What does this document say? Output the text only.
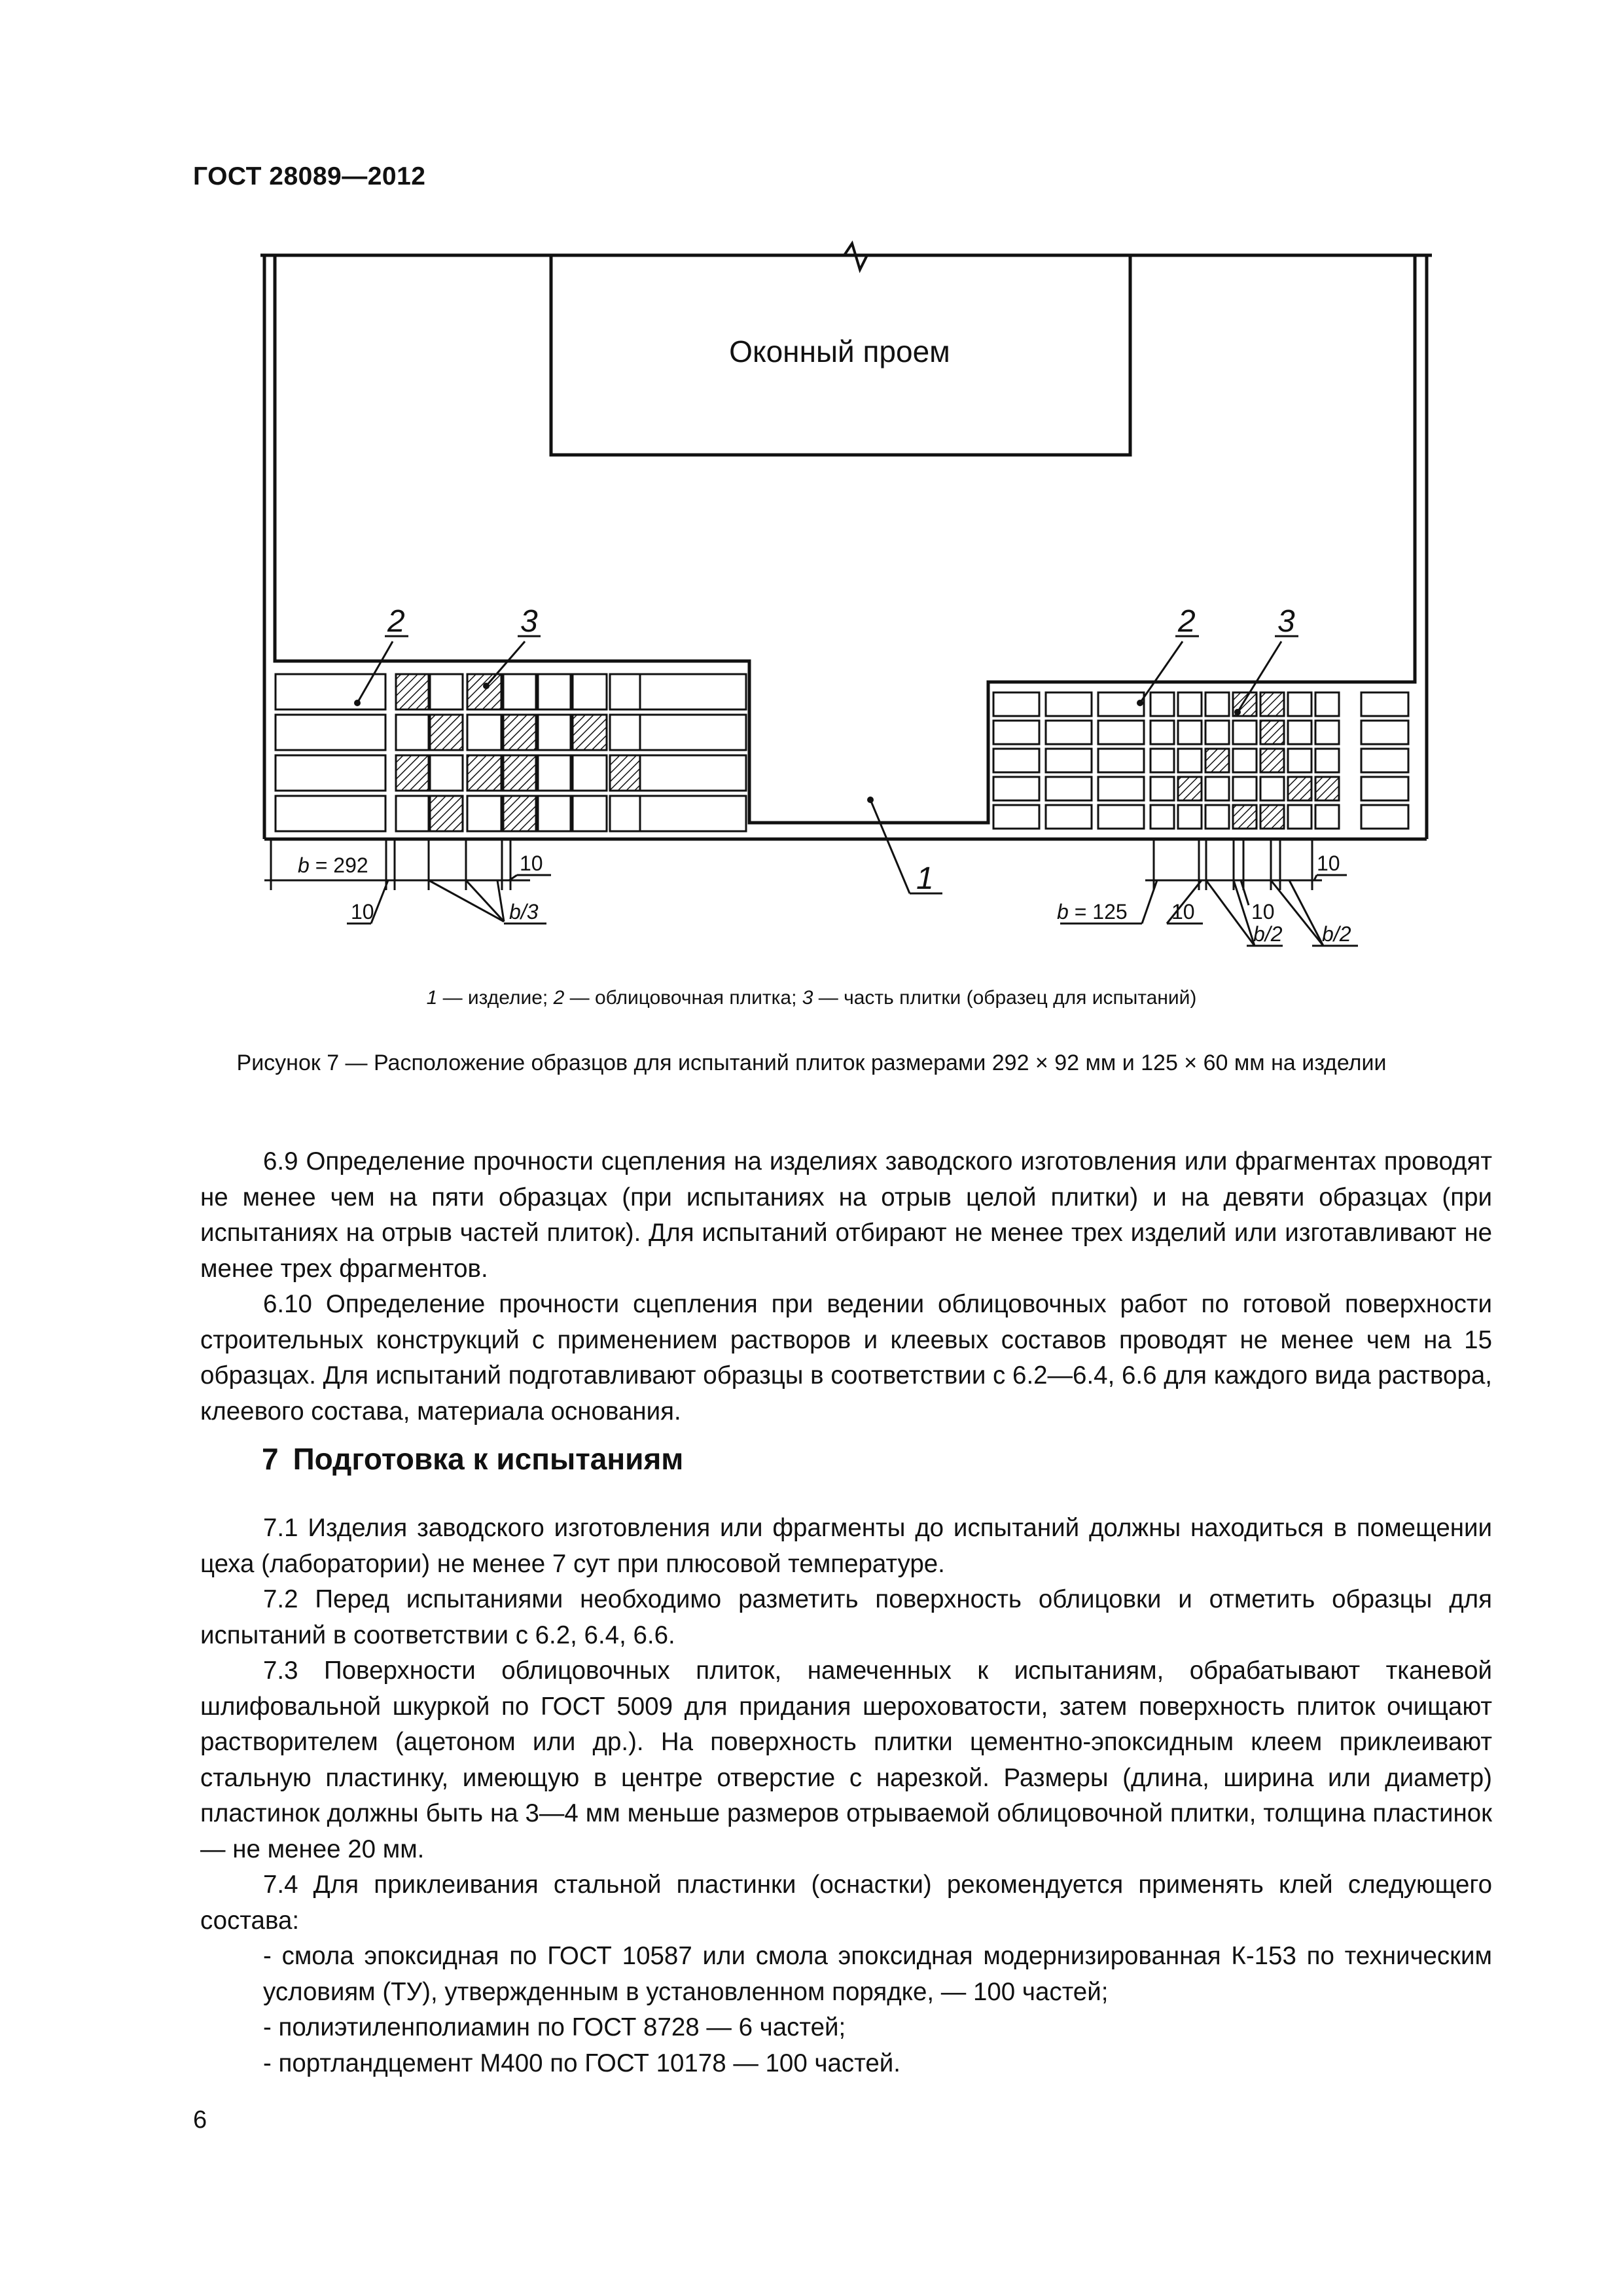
ГОСТ 28089—2012
Оконный проем
2	3	2	3
1
b = 292
10
10
b/3	b = 125 10	10
10
b/2 b/2
1 — изделие; 2 — облицовочная плитка; 3 — часть плитки (образец для испытаний)
Рисунок 7 — Расположение образцов для испытаний плиток размерами 292 × 92 мм и 125 × 60 мм на изделии

6.9 Определение прочности сцепления на изделиях заводского изготовления или фрагментах проводят не менее чем на пяти образцах (при испытаниях на отрыв целой плитки) и на девяти образцах (при испытаниях на отрыв частей плиток). Для испытаний отбирают не менее трех изделий или изготавливают не менее трех фрагментов.

6.10 Определение прочности сцепления при ведении облицовочных работ по готовой поверхности строительных конструкций с применением растворов и клеевых составов проводят не менее чем на 15 образцах. Для испытаний подготавливают образцы в соответствии с 6.2—6.4, 6.6 для каждого вида раствора, клеевого состава, материала основания.

7 Подготовка к испытаниям

7.1 Изделия заводского изготовления или фрагменты до испытаний должны находиться в помещении цеха (лаборатории) не менее 7 сут при плюсовой температуре.

7.2 Перед испытаниями необходимо разметить поверхность облицовки и отметить образцы для испытаний в соответствии с 6.2, 6.4, 6.6.

7.3 Поверхности облицовочных плиток, намеченных к испытаниям, обрабатывают тканевой шлифовальной шкуркой по ГОСТ 5009 для придания шероховатости, затем поверхность плиток очищают растворителем (ацетоном или др.). На поверхность плитки цементно-эпоксидным клеем приклеивают стальную пластинку, имеющую в центре отверстие с нарезкой. Размеры (длина, ширина или диаметр) пластинок должны быть на 3—4 мм меньше размеров отрываемой облицовочной плитки, толщина пластинок — не менее 20 мм.

7.4 Для приклеивания стальной пластинки (оснастки) рекомендуется применять клей следующего состава:

- смола эпоксидная по ГОСТ 10587 или смола эпоксидная модернизированная К-153 по техническим условиям (ТУ), утвержденным в установленном порядке, — 100 частей;

- полиэтиленполиамин по ГОСТ 8728 — 6 частей;

- портландцемент М400 по ГОСТ 10178 — 100 частей.

6
